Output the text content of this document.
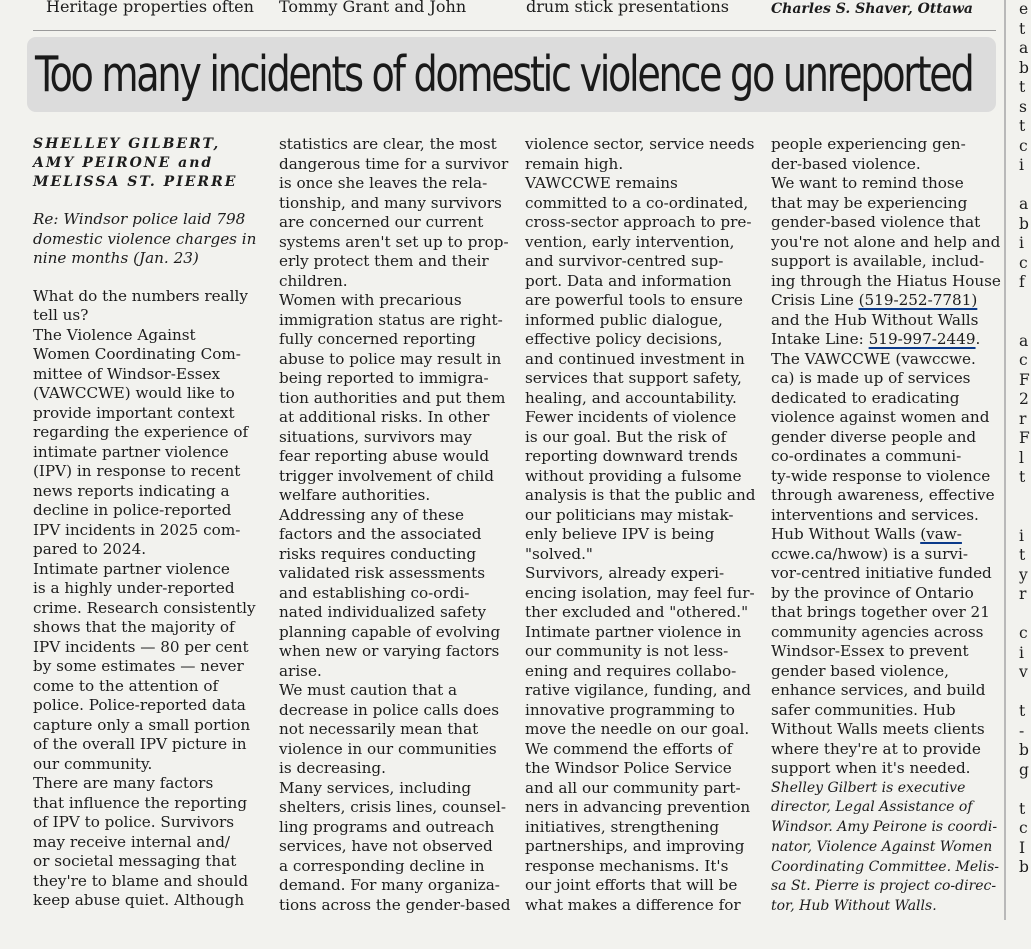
Heritage properties often Tommy Grant and John	drum stick presentations	Charles S. Shaver, Ottawa
Too many incidents of domestic violence go unreported

SHELLEY GILBERT,

AMY PEIRONE and

MELISSA ST. PIERRE

Re: Windsor police laid 798

domestic violence charges in

nine months (Jan. 23)

What do the numbers really

tell us?

The Violence Against

Women Coordinating Com-

mittee of Windsor-Essex

(VAWCCWE) would like to

provide important context

regarding the experience of

intimate partner violence

(IPV) in response to recent

news reports indicating a

decline in police-reported

IPV incidents in 2025 com-

pared to 2024.

Intimate partner violence

is a highly under-reported

crime. Research consistently

shows that the majority of

IPV incidents — 80 per cent

by some estimates — never

come to the attention of

police. Police-reported data

capture only a small portion

of the overall IPV picture in

our community.

There are many factors

that influence the reporting

of IPV to police. Survivors

may receive internal and/

or societal messaging that

they're to blame and should

keep abuse quiet. Although

statistics are clear, the most

dangerous time for a survivor

is once she leaves the rela-

tionship, and many survivors

are concerned our current

systems aren't set up to prop-

erly protect them and their

children.

Women with precarious

immigration status are right-

fully concerned reporting

abuse to police may result in

being reported to immigra-

tion authorities and put them

at additional risks. In other

situations, survivors may

fear reporting abuse would

trigger involvement of child

welfare authorities.

Addressing any of these

factors and the associated

risks requires conducting

validated risk assessments

and establishing co-ordi-

nated individualized safety

planning capable of evolving

when new or varying factors

arise.

We must caution that a

decrease in police calls does

not necessarily mean that

violence in our communities

is decreasing.

Many services, including

shelters, crisis lines, counsel-

ling programs and outreach

services, have not observed

a corresponding decline in

demand. For many organiza-

tions across the gender-based

violence sector, service needs

remain high.

VAWCCWE remains

committed to a co-ordinated,

cross-sector approach to pre-

vention, early intervention,

and survivor-centred sup-

port. Data and information

are powerful tools to ensure

informed public dialogue,

effective policy decisions,

and continued investment in

services that support safety,

healing, and accountability.

Fewer incidents of violence

is our goal. But the risk of

reporting downward trends

without providing a fulsome

analysis is that the public and

our politicians may mistak-

enly believe IPV is being

"solved."

Survivors, already experi-

encing isolation, may feel fur-

ther excluded and "othered."

Intimate partner violence in

our community is not less-

ening and requires collabo-

rative vigilance, funding, and

innovative programming to

move the needle on our goal.

We commend the efforts of

the Windsor Police Service

and all our community part-

ners in advancing prevention

initiatives, strengthening

partnerships, and improving

response mechanisms. It's

our joint efforts that will be

what makes a difference for

people experiencing gen-

der-based violence.

We want to remind those

that may be experiencing

gender-based violence that

you're not alone and help and

support is available, includ-

ing through the Hiatus House

Crisis Line (519-252-7781)

and the Hub Without Walls

Intake Line: 519-997-2449.

The VAWCCWE (vawccwe.

ca) is made up of services

dedicated to eradicating

violence against women and

gender diverse people and

co-ordinates a communi-

ty-wide response to violence

through awareness, effective

interventions and services.

Hub Without Walls (vaw-

ccwe.ca/hwow) is a survi-

vor-centred initiative funded

by the province of Ontario

that brings together over 21

community agencies across

Windsor-Essex to prevent

gender based violence,

enhance services, and build

safer communities. Hub

Without Walls meets clients

where they're at to provide

support when it's needed.

Shelley Gilbert is executive

director, Legal Assistance of

Windsor. Amy Peirone is coordi-

nator, Violence Against Women

Coordinating Committee. Melis-

sa St. Pierre is project co-direc-

tor, Hub Without Walls.

e
t
a
b
t
s
t
c
i
a
b
i
c
f
a
c
F
2
r
F
l
t
i
t
y
r
c
i
v
t
-
b
g
t
c
I
b
